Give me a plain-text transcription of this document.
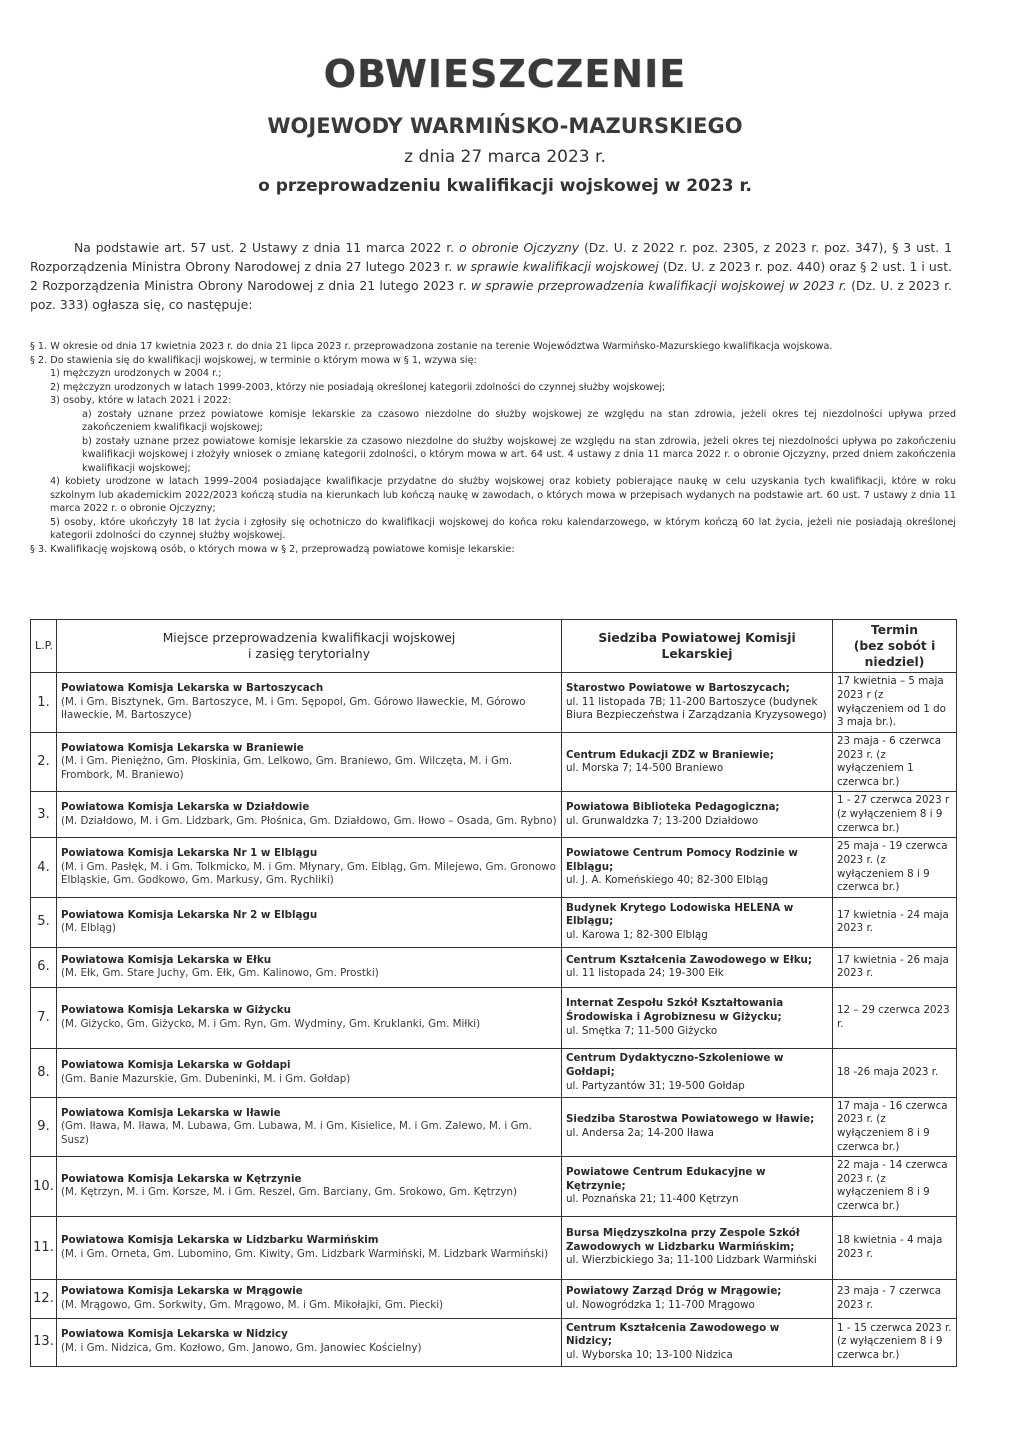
OBWIESZCZENIE
WOJEWODY WARMIŃSKO-MAZURSKIEGO
z dnia 27 marca 2023 r.
o przeprowadzeniu kwalifikacji wojskowej w 2023 r.
Na podstawie art. 57 ust. 2 Ustawy z dnia 11 marca 2022 r. o obronie Ojczyzny (Dz. U. z 2022 r. poz. 2305, z 2023 r. poz. 347), § 3 ust. 1 Rozporządzenia Ministra Obrony Narodowej z dnia 27 lutego 2023 r. w sprawie kwalifikacji wojskowej (Dz. U. z 2023 r. poz. 440) oraz § 2 ust. 1 i ust. 2 Rozporządzenia Ministra Obrony Narodowej z dnia 21 lutego 2023 r. w sprawie przeprowadzenia kwalifikacji wojskowej w 2023 r. (Dz. U. z 2023 r. poz. 333) ogłasza się, co następuje:

§ 1. W okresie od dnia 17 kwietnia 2023 r. do dnia 21 lipca 2023 r. przeprowadzona zostanie na terenie Województwa Warmińsko-Mazurskiego kwalifikacja wojskowa.

§ 2. Do stawienia się do kwalifikacji wojskowej, w terminie o którym mowa w § 1, wzywa się:

1) mężczyzn urodzonych w 2004 r.;

2) mężczyzn urodzonych w latach 1999-2003, którzy nie posiadają określonej kategorii zdolności do czynnej służby wojskowej;

3) osoby, które w latach 2021 i 2022:

a) zostały uznane przez powiatowe komisje lekarskie za czasowo niezdolne do służby wojskowej ze względu na stan zdrowia, jeżeli okres tej niezdolności upływa przed zakończeniem kwalifikacji wojskowej;

b) zostały uznane przez powiatowe komisje lekarskie za czasowo niezdolne do służby wojskowej ze względu na stan zdrowia, jeżeli okres tej niezdolności upływa po zakończeniu kwalifikacji wojskowej i złożyły wniosek o zmianę kategorii zdolności, o którym mowa w art. 64 ust. 4 ustawy z dnia 11 marca 2022 r. o obronie Ojczyzny, przed dniem zakończenia kwalifikacji wojskowej;

4) kobiety urodzone w latach 1999–2004 posiadające kwalifikacje przydatne do służby wojskowej oraz kobiety pobierające naukę w celu uzyskania tych kwalifikacji, które w roku szkolnym lub akademickim 2022/2023 kończą studia na kierunkach lub kończą naukę w zawodach, o których mowa w przepisach wydanych na podstawie art. 60 ust. 7 ustawy z dnia 11 marca 2022 r. o obronie Ojczyzny;

5) osoby, które ukończyły 18 lat życia i zgłosiły się ochotniczo do kwalifikacji wojskowej do końca roku kalendarzowego, w którym kończą 60 lat życia, jeżeli nie posiadają określonej kategorii zdolności do czynnej służby wojskowej.

§ 3. Kwalifikację wojskową osób, o których mowa w § 2, przeprowadzą powiatowe komisje lekarskie:

L.P.	Miejsce przeprowadzenia kwalifikacji wojskowej
i zasięg terytorialny	Siedziba Powiatowej Komisji Lekarskiej	Termin
(bez sobót i niedziel)
1.	Powiatowa Komisja Lekarska w Bartoszycach
(M. i Gm. Bisztynek, Gm. Bartoszyce, M. i Gm. Sępopol, Gm. Górowo Iławeckie, M. Górowo Iławeckie, M. Bartoszyce)	Starostwo Powiatowe w Bartoszycach;
ul. 11 listopada 7B; 11-200 Bartoszyce (budynek Biura Bezpieczeństwa i Zarządzania Kryzysowego)	17 kwietnia – 5 maja 2023 r (z wyłączeniem od 1 do 3 maja br.).
2.	Powiatowa Komisja Lekarska w Braniewie
(M. i Gm. Pieniężno, Gm. Płoskinia, Gm. Lelkowo, Gm. Braniewo, Gm. Wilczęta, M. i Gm. Frombork, M. Braniewo)	Centrum Edukacji ZDZ w Braniewie;
ul. Morska 7; 14-500 Braniewo	23 maja - 6 czerwca 2023 r. (z wyłączeniem 1 czerwca br.)
3.	Powiatowa Komisja Lekarska w Działdowie
(M. Działdowo, M. i Gm. Lidzbark, Gm. Płośnica, Gm. Działdowo, Gm. Iłowo – Osada, Gm. Rybno)	Powiatowa Biblioteka Pedagogiczna;
ul. Grunwaldzka 7; 13-200 Działdowo	1 - 27 czerwca 2023 r (z wyłączeniem 8 i 9 czerwca br.)
4.	Powiatowa Komisja Lekarska Nr 1 w Elblągu
(M. i Gm. Pasłęk, M. i Gm. Tolkmicko, M. i Gm. Młynary, Gm. Elbląg, Gm. Milejewo, Gm. Gronowo Elbląskie, Gm. Godkowo, Gm. Markusy, Gm. Rychliki)	Powiatowe Centrum Pomocy Rodzinie w Elblągu;
ul. J. A. Komeńskiego 40; 82-300 Elbląg	25 maja - 19 czerwca 2023 r. (z wyłączeniem 8 i 9 czerwca br.)
5.	Powiatowa Komisja Lekarska Nr 2 w Elblągu
(M. Elbląg)	Budynek Krytego Lodowiska HELENA w Elblągu;
ul. Karowa 1; 82-300 Elbląg	17 kwietnia - 24 maja 2023 r.
6.	Powiatowa Komisja Lekarska w Ełku
(M. Ełk, Gm. Stare Juchy, Gm. Ełk, Gm. Kalinowo, Gm. Prostki)	Centrum Kształcenia Zawodowego w Ełku;
ul. 11 listopada 24; 19-300 Ełk	17 kwietnia - 26 maja 2023 r.
7.	Powiatowa Komisja Lekarska w Giżycku
(M. Giżycko, Gm. Giżycko, M. i Gm. Ryn, Gm. Wydminy, Gm. Kruklanki, Gm. Miłki)	Internat Zespołu Szkół Kształtowania Środowiska i Agrobiznesu w Giżycku;
ul. Smętka 7; 11-500 Giżycko	12 – 29 czerwca 2023 r.
8.	Powiatowa Komisja Lekarska w Gołdapi
(Gm. Banie Mazurskie, Gm. Dubeninki, M. i Gm. Gołdap)	Centrum Dydaktyczno-Szkoleniowe w Gołdapi;
ul. Partyzantów 31; 19-500 Gołdap	18 -26 maja 2023 r.
9.	Powiatowa Komisja Lekarska w Iławie
(Gm. Iława, M. Iława, M. Lubawa, Gm. Lubawa, M. i Gm. Kisielice, M. i Gm. Zalewo, M. i Gm. Susz)	Siedziba Starostwa Powiatowego w Iławie;
ul. Andersa 2a; 14-200 Iława	17 maja - 16 czerwca 2023 r. (z wyłączeniem 8 i 9 czerwca br.)
10.	Powiatowa Komisja Lekarska w Kętrzynie
(M. Kętrzyn, M. i Gm. Korsze, M. i Gm. Reszel, Gm. Barciany, Gm. Srokowo, Gm. Kętrzyn)	Powiatowe Centrum Edukacyjne w Kętrzynie;
ul. Poznańska 21; 11-400 Kętrzyn	22 maja - 14 czerwca 2023 r. (z wyłączeniem 8 i 9 czerwca br.)
11.	Powiatowa Komisja Lekarska w Lidzbarku Warmińskim
(M. i Gm. Orneta, Gm. Lubomino, Gm. Kiwity, Gm. Lidzbark Warmiński, M. Lidzbark Warmiński)	Bursa Międzyszkolna przy Zespole Szkół Zawodowych w Lidzbarku Warmińskim;
ul. Wierzbickiego 3a; 11-100 Lidzbark Warmiński	18 kwietnia - 4 maja 2023 r.
12.	Powiatowa Komisja Lekarska w Mrągowie
(M. Mrągowo, Gm. Sorkwity, Gm. Mrągowo, M. i Gm. Mikołajki, Gm. Piecki)	Powiatowy Zarząd Dróg w Mrągowie;
ul. Nowogródzka 1; 11-700 Mrągowo	23 maja - 7 czerwca 2023 r.
13.	Powiatowa Komisja Lekarska w Nidzicy
(M. i Gm. Nidzica, Gm. Kozłowo, Gm. Janowo, Gm. Janowiec Kościelny)	Centrum Kształcenia Zawodowego w Nidzicy;
ul. Wyborska 10; 13-100 Nidzica	1 - 15 czerwca 2023 r. (z wyłączeniem 8 i 9 czerwca br.)
